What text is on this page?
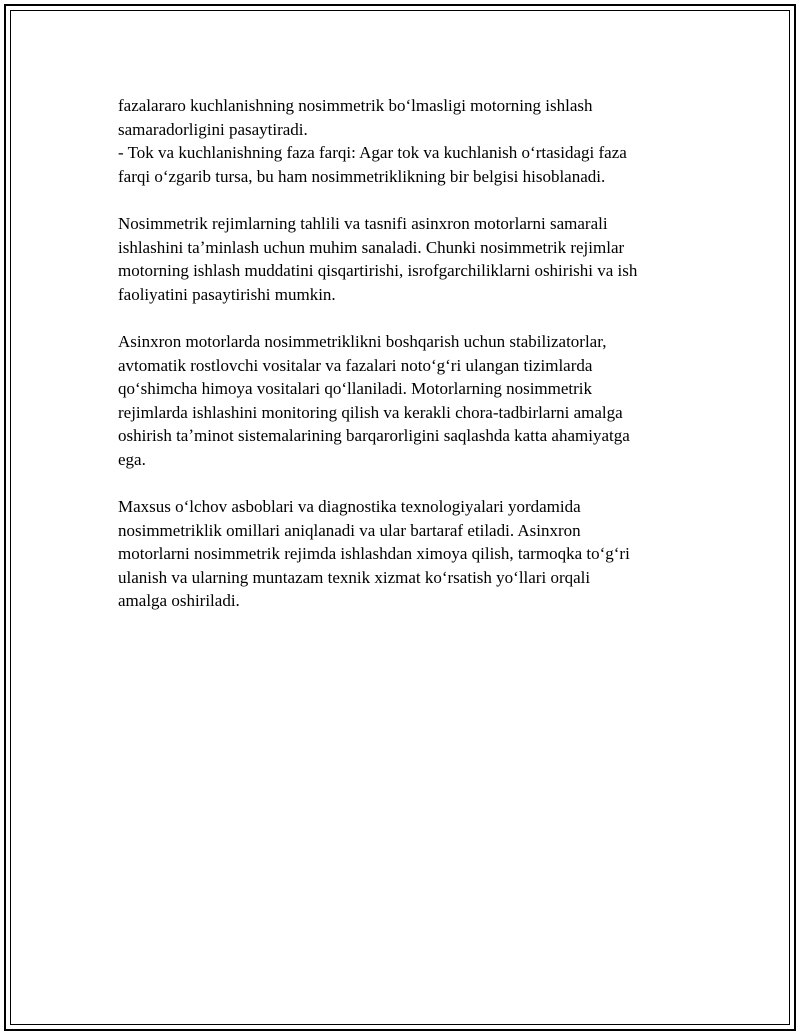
fazalararo kuchlanishning nosimmetrik boʻlmasligi motorning ishlash
samaradorligini pasaytiradi.
- Tok va kuchlanishning faza farqi: Agar tok va kuchlanish oʻrtasidagi faza
farqi oʻzgarib tursa, bu ham nosimmetriklikning bir belgisi hisoblanadi.

Nosimmetrik rejimlarning tahlili va tasnifi asinxron motorlarni samarali
ishlashini taʼminlash uchun muhim sanaladi. Chunki nosimmetrik rejimlar
motorning ishlash muddatini qisqartirishi, isrofgarchiliklarni oshirishi va ish
faoliyatini pasaytirishi mumkin.

Asinxron motorlarda nosimmetriklikni boshqarish uchun stabilizatorlar,
avtomatik rostlovchi vositalar va fazalari notoʻgʻri ulangan tizimlarda
qoʻshimcha himoya vositalari qoʻllaniladi. Motorlarning nosimmetrik
rejimlarda ishlashini monitoring qilish va kerakli chora-tadbirlarni amalga
oshirish taʼminot sistemalarining barqarorligini saqlashda katta ahamiyatga
ega.

Maxsus oʻlchov asboblari va diagnostika texnologiyalari yordamida
nosimmetriklik omillari aniqlanadi va ular bartaraf etiladi. Asinxron
motorlarni nosimmetrik rejimda ishlashdan ximoya qilish, tarmoqka toʻgʻri
ulanish va ularning muntazam texnik xizmat koʻrsatish yoʻllari orqali
amalga oshiriladi.
